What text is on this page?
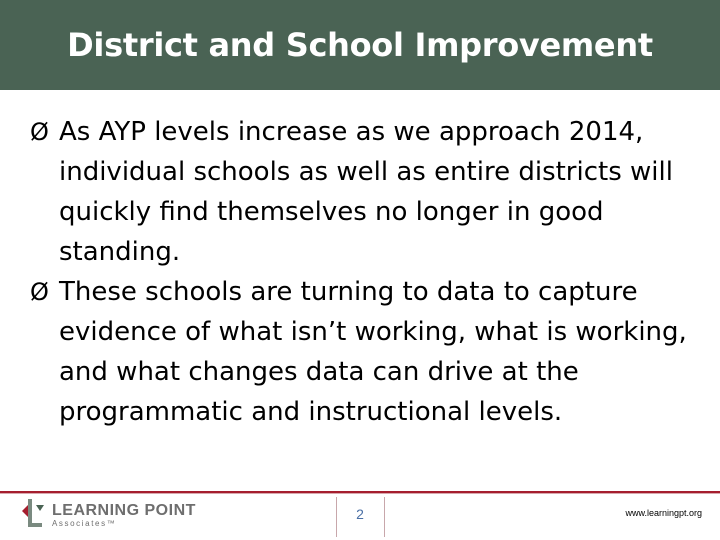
District and School Improvement
Ø As AYP levels increase as we approach 2014, individual schools as well as entire districts will quickly find themselves no longer in good standing.
Ø These schools are turning to data to capture evidence of what isn’t working, what is working, and what changes data can drive at the programmatic and instructional levels.
LEARNING POINT
Associates™
2	www.learningpt.org
